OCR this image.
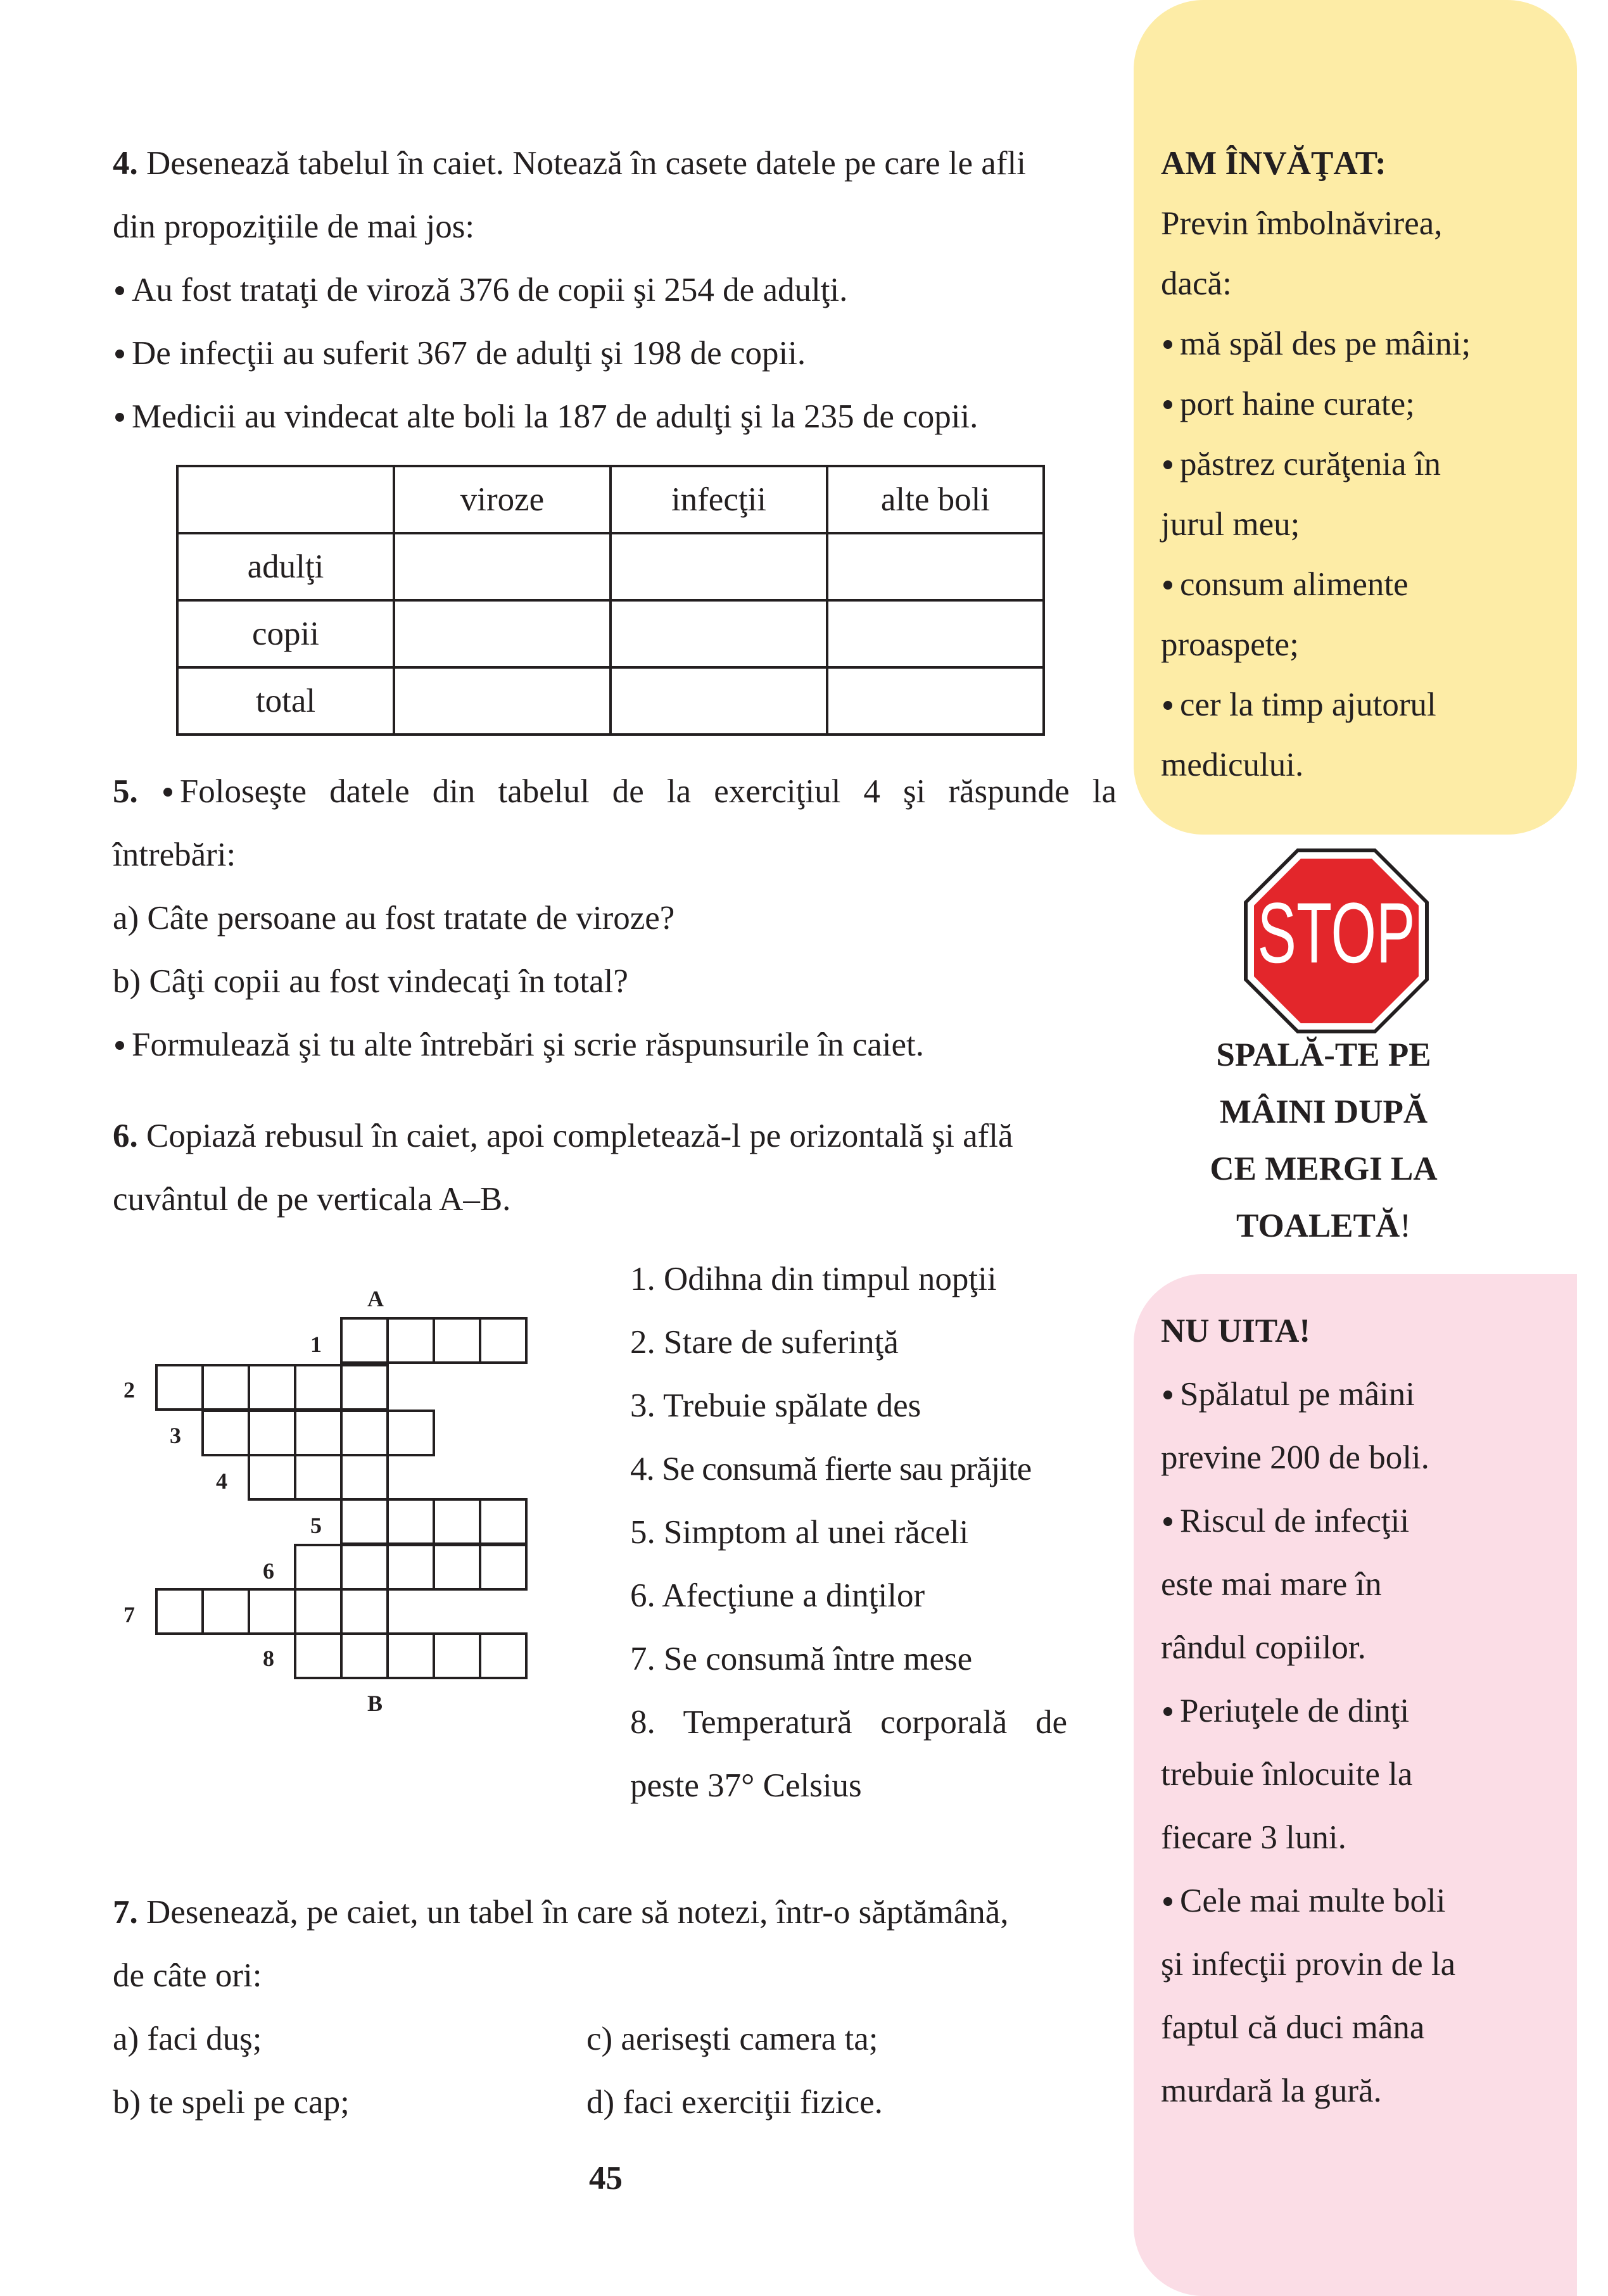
4. Desenează tabelul în caiet. Notează în casete datele pe care le afli
din propoziţiile de mai jos:
Au fost trataţi de viroză 376 de copii şi 254 de adulţi.
De infecţii au suferit 367 de adulţi şi 198 de copii.
Medicii au vindecat alte boli la 187 de adulţi şi la 235 de copii.
	viroze	infecţii	alte boli
adulţi			
copii			
total			
5. Foloseşte datele din tabelul de la exerciţiul 4 şi răspunde la
întrebări:
a) Câte persoane au fost tratate de viroze?
b) Câţi copii au fost vindecaţi în total?
Formulează şi tu alte întrebări şi scrie răspunsurile în caiet.
6. Copiază rebusul în caiet, apoi completează-l pe orizontală şi află
cuvântul de pe verticala A–B.
1. Odihna din timpul nopţii
2. Stare de suferinţă
3. Trebuie spălate des
4. Se consumă fierte sau prăjite
5. Simptom al unei răceli
6. Afecţiune a dinţilor
7. Se consumă între mese
8. Temperatură corporală de
peste 37° Celsius
7. Desenează, pe caiet, un tabel în care să notezi, într-o săptămână,
de câte ori:
a) faci duş;
b) te speli pe cap;
c) aeriseşti camera ta;
d) faci exerciţii fizice.
A
B
1
2
3
4
5
6
7
8
AM ÎNVĂŢAT:
Previn îmbolnăvirea,
dacă:
mă spăl des pe mâini;
port haine curate;
păstrez curăţenia în
jurul meu;
consum alimente
proaspete;
cer la timp ajutorul
medicului.
STOP
SPALĂ-TE PE
MÂINI DUPĂ
CE MERGI LA
TOALETĂ!
NU UITA!
Spălatul pe mâini
previne 200 de boli.
Riscul de infecţii
este mai mare în
rândul copiilor.
Periuţele de dinţi
trebuie înlocuite la
fiecare 3 luni.
Cele mai multe boli
şi infecţii provin de la
faptul că duci mâna
murdară la gură.
45
